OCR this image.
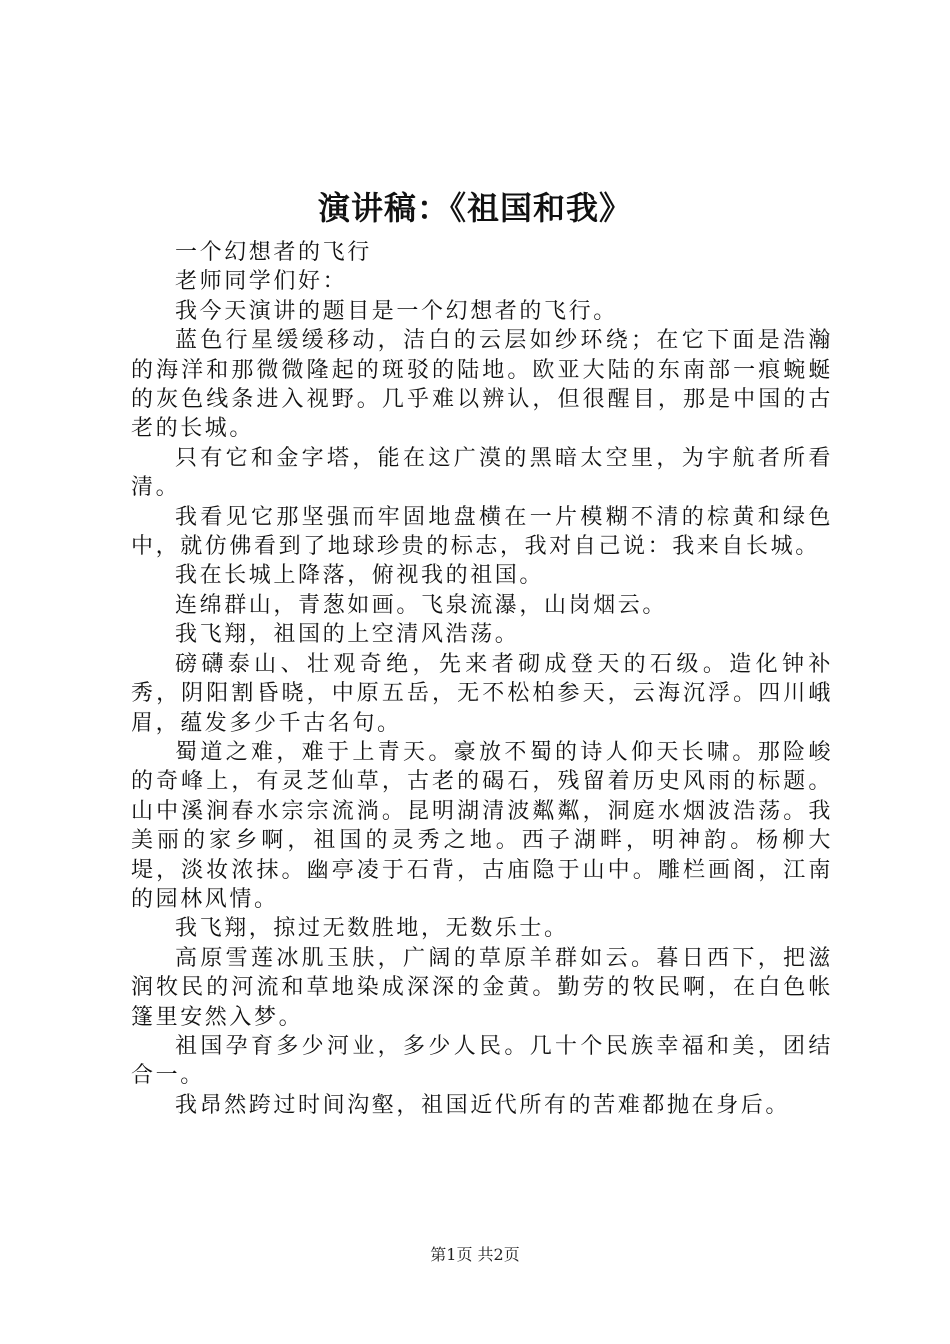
演讲稿：《祖国和我》

一个幻想者的飞行

老师同学们好：

我今天演讲的题目是一个幻想者的飞行。

蓝色行星缓缓移动，洁白的云层如纱环绕；在它下面是浩瀚的海洋和那微微隆起的斑驳的陆地。欧亚大陆的东南部一痕蜿蜒的灰色线条进入视野。几乎难以辨认，但很醒目，那是中国的古老的长城。

只有它和金字塔，能在这广漠的黑暗太空里，为宇航者所看清。

我看见它那坚强而牢固地盘横在一片模糊不清的棕黄和绿色中，就仿佛看到了地球珍贵的标志，我对自己说：我来自长城。

我在长城上降落，俯视我的祖国。

连绵群山，青葱如画。飞泉流瀑，山岗烟云。

我飞翔，祖国的上空清风浩荡。

磅礴泰山、壮观奇绝，先来者砌成登天的石级。造化钟补秀，阴阳割昏晓，中原五岳，无不松柏参天，云海沉浮。四川峨眉，蕴发多少千古名句。

蜀道之难，难于上青天。豪放不蜀的诗人仰天长啸。那险峻的奇峰上，有灵芝仙草，古老的碣石，残留着历史风雨的标题。山中溪涧春水宗宗流淌。昆明湖清波粼粼，洞庭水烟波浩荡。我美丽的家乡啊，祖国的灵秀之地。西子湖畔，明神韵。杨柳大堤，淡妆浓抹。幽亭凌于石背，古庙隐于山中。雕栏画阁，江南的园林风情。

我飞翔，掠过无数胜地，无数乐士。

高原雪莲冰肌玉肤，广阔的草原羊群如云。暮日西下，把滋润牧民的河流和草地染成深深的金黄。勤劳的牧民啊，在白色帐篷里安然入梦。

祖国孕育多少河业，多少人民。几十个民族幸福和美，团结合一。

我昂然跨过时间沟壑，祖国近代所有的苦难都抛在身后。

第1页 共2页
